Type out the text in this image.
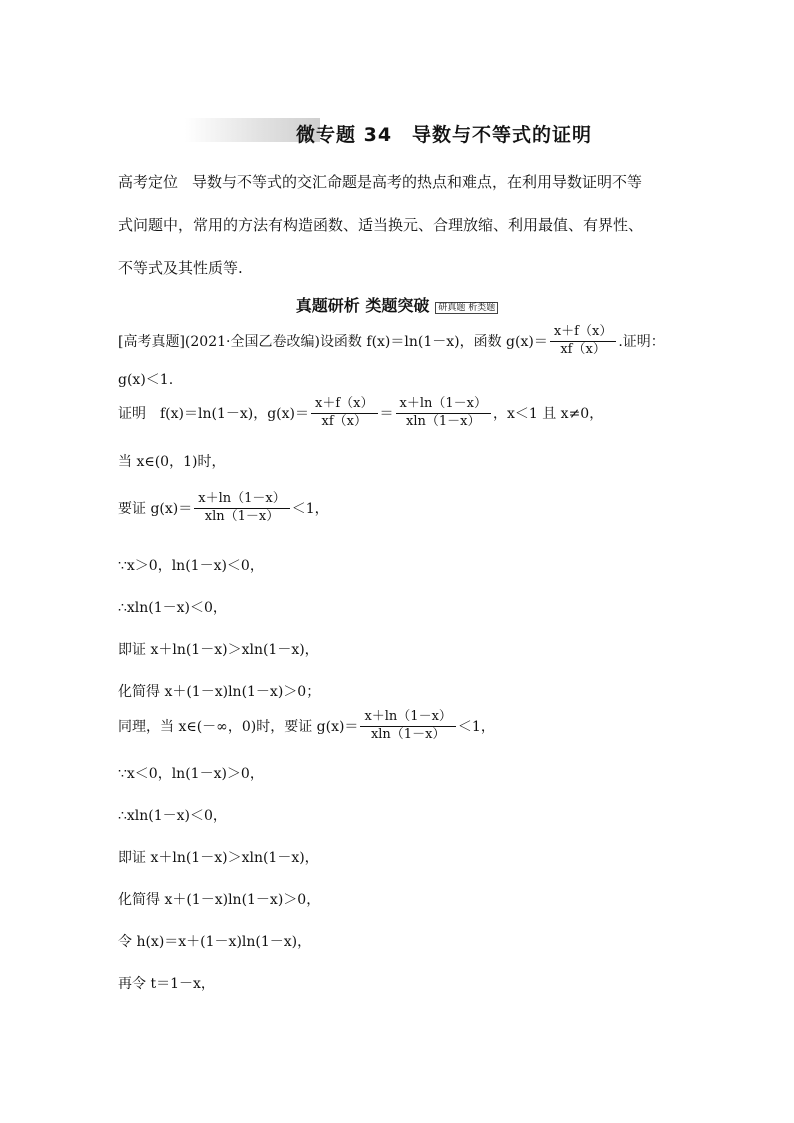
微专题 34　导数与不等式的证明
高考定位 导数与不等式的交汇命题是高考的热点和难点，在利用导数证明不等
式问题中，常用的方法有构造函数、适当换元、合理放缩、利用最值、有界性、
不等式及其性质等.
真题研析 类题突破 研真题 析类题
[高考真题](2021·全国乙卷改编) 设函数 f(x)＝ln(1－x)，函数 $g(x)= \frac{x+f(x)}{xf(x)}$ .证明：
g(x)＜1.
证明　f(x)＝ln(1－x)，$g(x)= \frac{x+f(x)}{xf(x)} = \frac{x+\ln(1-x)}{xln(1-x)}$ ，x＜1 且 x≠0，
当 x∈(0，1)时，
要证 $g(x)= \frac{x+\ln(1-x)}{xln(1-x)} <1$，
∵x＞0，ln(1－x)＜0，
∴xln(1－x)＜0，
即证 x＋ln(1－x)＞xln(1－x)，
化简得 x＋(1－x)ln(1－x)＞0；
同理，当 x∈(－∞，0)时，要证 $g(x)= \frac{x+\ln(1-x)}{xln(1-x)} <1$，
∵x＜0，ln(1－x)＞0，
∴xln(1－x)＜0，
即证 x＋ln(1－x)＞xln(1－x)，
化简得 x＋(1－x)ln(1－x)＞0，
令 h(x)＝x＋(1－x)ln(1－x)，
再令 t＝1－x，
